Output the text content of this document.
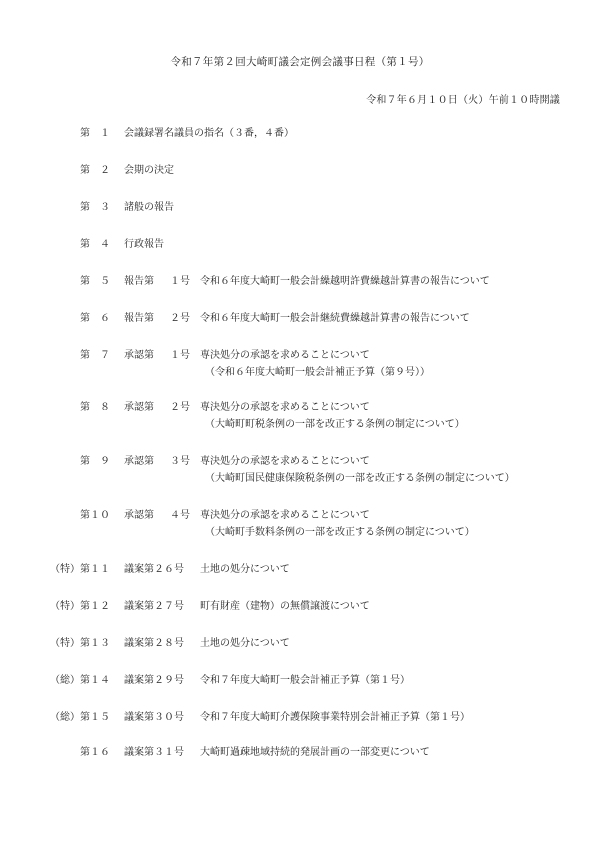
令和７年第２回大崎町議会定例会議事日程（第１号）
令和７年６月１０日（火）午前１０時開議
第　１ 会議録署名議員の指名（３番，４番）
第　２ 会期の決定
第　３ 諸般の報告
第　４ 行政報告
第　５ 報告第 １号 令和６年度大崎町一般会計繰越明許費繰越計算書の報告について
第　６ 報告第 ２号 令和６年度大崎町一般会計継続費繰越計算書の報告について
第　７ 承認第 １号 専決処分の承認を求めることについて
（令和６年度大崎町一般会計補正予算（第９号））
第　８ 承認第 ２号 専決処分の承認を求めることについて
（大崎町町税条例の一部を改正する条例の制定について）
第　９ 承認第 ３号 専決処分の承認を求めることについて
（大崎町国民健康保険税条例の一部を改正する条例の制定について）
第１０ 承認第 ４号 専決処分の承認を求めることについて
（大崎町手数料条例の一部を改正する条例の制定について）
（特） 第１１ 議案第２６号 土地の処分について
（特） 第１２ 議案第２７号 町有財産（建物）の無償譲渡について
（特） 第１３ 議案第２８号 土地の処分について
（総） 第１４ 議案第２９号 令和７年度大崎町一般会計補正予算（第１号）
（総） 第１５ 議案第３０号 令和７年度大崎町介護保険事業特別会計補正予算（第１号）
第１６ 議案第３１号 大崎町過疎地域持続的発展計画の一部変更について
